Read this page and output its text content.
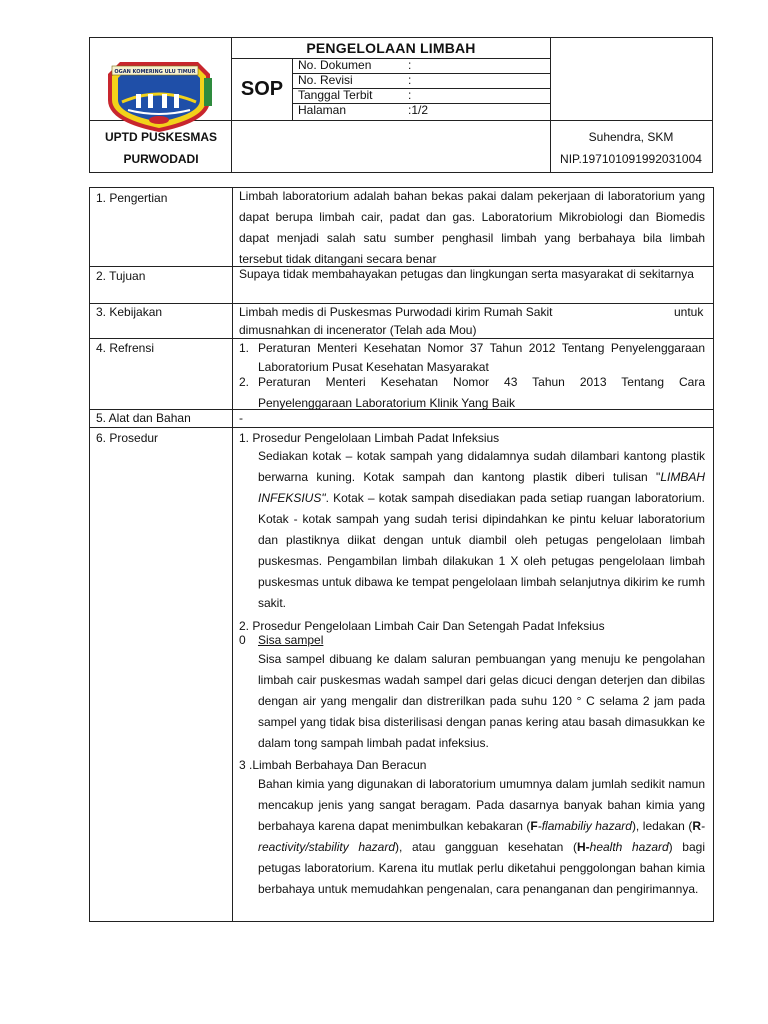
OGAN KOMERING ULU TIMUR
PENGELOLAAN LIMBAH
SOP
No. Dokumen	:
No. Revisi	:
Tanggal Terbit	:
Halaman	:1/2
UPTD PUSKESMAS
PURWODADI
Suhendra, SKM
NIP.197101091992031004
1. Pengertian	Limbah laboratorium adalah bahan bekas pakai dalam pekerjaan di laboratorium yang dapat berupa limbah cair, padat dan gas. Laboratorium Mikrobiologi dan Biomedis dapat menjadi salah satu sumber penghasil limbah yang berbahaya bila limbah tersebut tidak ditangani secara benar
2. Tujuan	Supaya tidak membahayakan petugas dan lingkungan serta masyarakat di sekitarnya
3. Kebijakan	Limbah medis di Puskesmas Purwodadi kirim Rumah Sakit	untuk
dimusnahkan di incenerator (Telah ada Mou)
4. Refrensi	1. Peraturan Menteri Kesehatan Nomor 37 Tahun 2012 Tentang Penyelenggaraan
Laboratorium Pusat Kesehatan Masyarakat
2. Peraturan Menteri Kesehatan Nomor 43 Tahun 2013 Tentang Cara
Penyelenggaraan Laboratorium Klinik Yang Baik
5. Alat dan Bahan	-
6. Prosedur	1. Prosedur Pengelolaan Limbah Padat Infeksius
Sediakan kotak – kotak sampah yang didalamnya sudah dilambari kantong plastik berwarna kuning. Kotak sampah dan kantong plastik diberi tulisan "LIMBAH INFEKSIUS". Kotak – kotak sampah disediakan pada setiap ruangan laboratorium. Kotak - kotak sampah yang sudah terisi dipindahkan ke pintu keluar laboratorium dan plastiknya diikat dengan untuk diambil oleh petugas pengelolaan limbah puskesmas. Pengambilan limbah dilakukan 1 X oleh petugas pengelolaan limbah puskesmas untuk dibawa ke tempat pengelolaan limbah selanjutnya dikirim ke rumh sakit.
2. Prosedur Pengelolaan Limbah Cair Dan Setengah Padat Infeksius
0 Sisa sampel
Sisa sampel dibuang ke dalam saluran pembuangan yang menuju ke pengolahan limbah cair puskesmas wadah sampel dari gelas dicuci dengan deterjen dan dibilas dengan air yang mengalir dan distrerilkan pada suhu 120 ° C selama 2 jam pada sampel yang tidak bisa disterilisasi dengan panas kering atau basah dimasukkan ke dalam tong sampah limbah padat infeksius.
3 .Limbah Berbahaya Dan Beracun
Bahan kimia yang digunakan di laboratorium umumnya dalam jumlah sedikit namun mencakup jenis yang sangat beragam. Pada dasarnya banyak bahan kimia yang berbahaya karena dapat menimbulkan kebakaran (F-flamabiliy hazard), ledakan (R-reactivity/stability hazard), atau gangguan kesehatan (H-health hazard) bagi petugas laboratorium. Karena itu mutlak perlu diketahui penggolongan bahan kimia berbahaya untuk memudahkan pengenalan, cara penanganan dan pengirimannya.
